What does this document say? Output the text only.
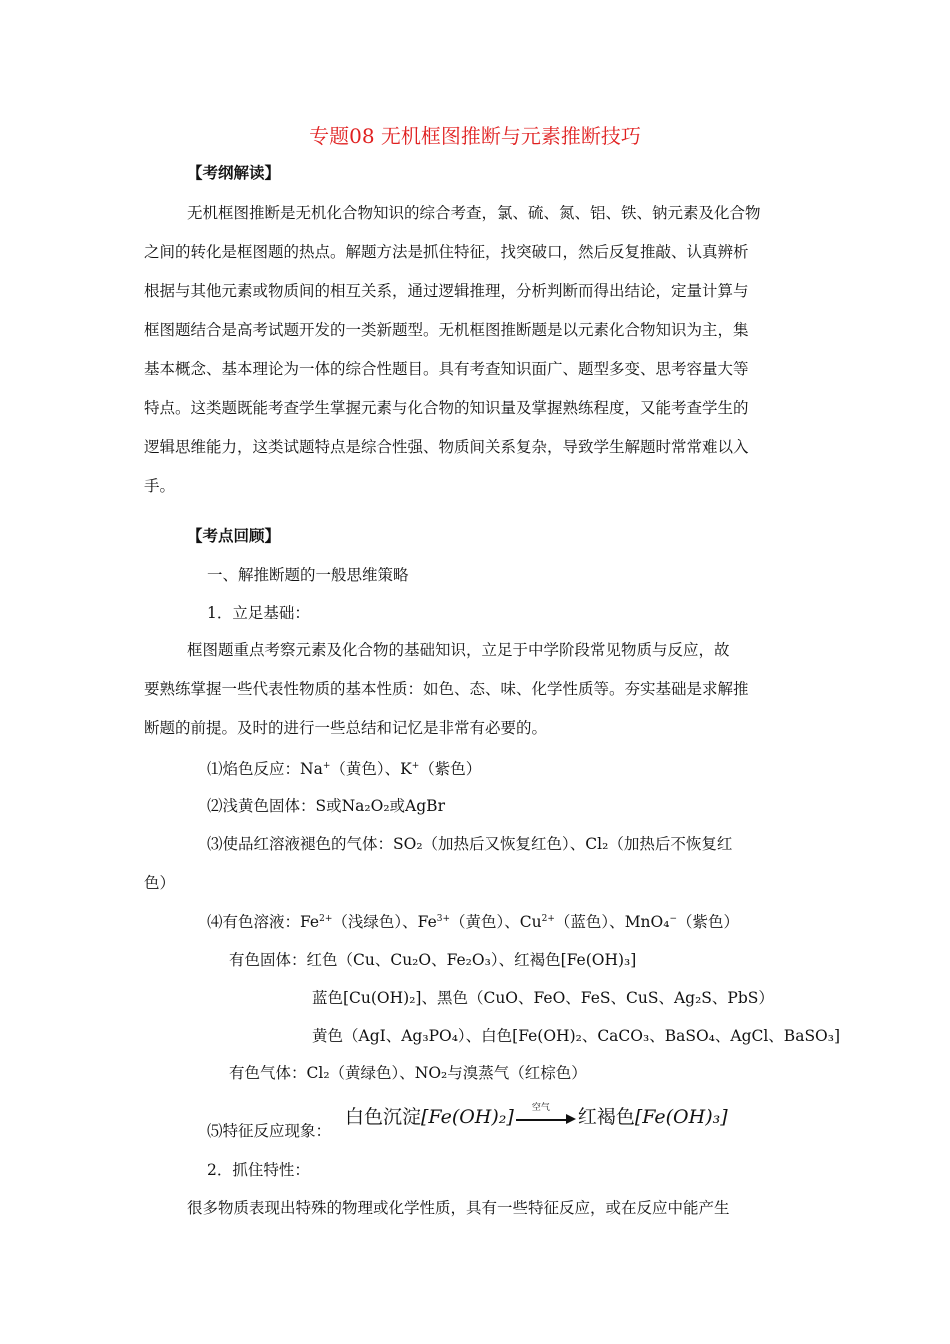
专题08 无机框图推断与元素推断技巧
【考纲解读】
无机框图推断是无机化合物知识的综合考查，氯、硫、氮、铝、铁、钠元素及化合物
之间的转化是框图题的热点。解题方法是抓住特征，找突破口，然后反复推敲、认真辨析
根据与其他元素或物质间的相互关系，通过逻辑推理，分析判断而得出结论，定量计算与
框图题结合是高考试题开发的一类新题型。无机框图推断题是以元素化合物知识为主，集
基本概念、基本理论为一体的综合性题目。具有考查知识面广、题型多变、思考容量大等
特点。这类题既能考查学生掌握元素与化合物的知识量及掌握熟练程度，又能考查学生的
逻辑思维能力，这类试题特点是综合性强、物质间关系复杂，导致学生解题时常常难以入
手。
【考点回顾】
一、解推断题的一般思维策略
1．立足基础：
框图题重点考察元素及化合物的基础知识，立足于中学阶段常见物质与反应，故
要熟练掌握一些代表性物质的基本性质：如色、态、味、化学性质等。夯实基础是求解推
断题的前提。及时的进行一些总结和记忆是非常有必要的。
⑴焰色反应：Na+（黄色）、K+（紫色）
⑵浅黄色固体：S或Na₂O₂或AgBr
⑶使品红溶液褪色的气体：SO₂（加热后又恢复红色）、Cl₂（加热后不恢复红
色）
⑷有色溶液：$Fe^{2+}$（浅绿色）、$Fe^{3+}$（黄色）、$Cu^{2+}$（蓝色）、MnO₄−（紫色）
有色固体：红色（Cu、Cu₂O、Fe₂O₃）、红褐色[Fe(OH)₃]
蓝色[Cu(OH)₂]、黑色（CuO、FeO、FeS、CuS、Ag₂S、PbS）
黄色（AgI、Ag₃PO₄）、白色[Fe(OH)₂、CaCO₃、BaSO₄、AgCl、BaSO₃]
有色气体：Cl₂（黄绿色）、NO₂与溴蒸气（红棕色）
⑸特征反应现象：
白色沉淀 [Fe(OH)₂] 空气 红褐色 [Fe(OH)₃]
2．抓住特性：
很多物质表现出特殊的物理或化学性质，具有一些特征反应，或在反应中能产生
